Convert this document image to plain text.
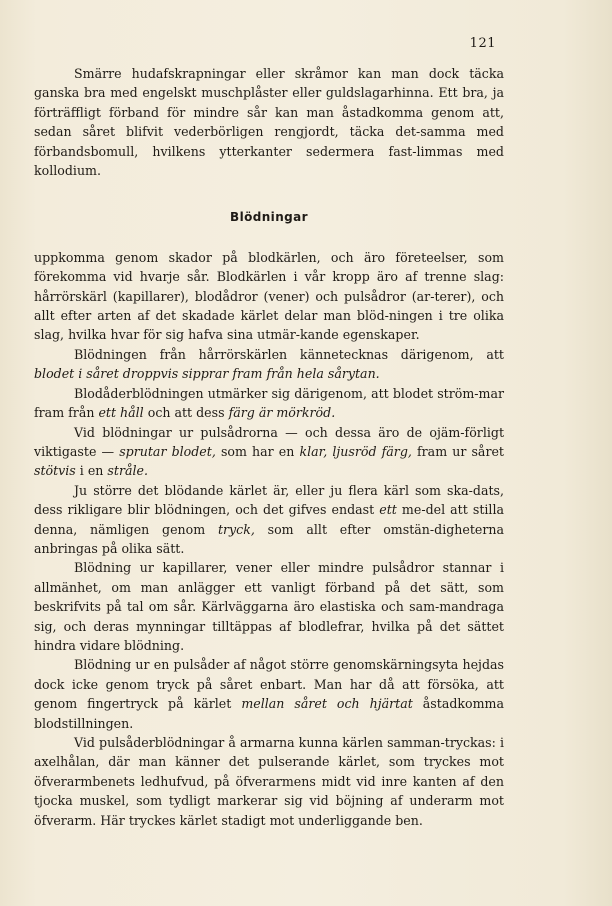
121

Smärre hudafskrapningar eller skråmor kan man dock täcka ganska bra med engelskt muschplåster eller guldslagarhinna. Ett bra, ja förträffligt förband för mindre sår kan man åstadkomma genom att, sedan såret blifvit vederbörligen rengjordt, täcka det-samma med förbandsbomull, hvilkens ytterkanter sedermera fast-limmas med kollodium.

Blödningar

uppkomma genom skador på blodkärlen, och äro företeelser, som förekomma vid hvarje sår. Blodkärlen i vår kropp äro af trenne slag: hårrörskärl (kapillarer), blodådror (vener) och pulsådror (ar-terer), och allt efter arten af det skadade kärlet delar man blöd-ningen i tre olika slag, hvilka hvar för sig hafva sina utmär-kande egenskaper.

Blödningen från hårrörskärlen kännetecknas därigenom, att blodet i såret droppvis sipprar fram från hela sårytan.

Blodåderblödningen utmärker sig därigenom, att blodet ström-mar fram från ett håll och att dess färg är mörkröd.

Vid blödningar ur pulsådrorna — och dessa äro de ojäm-förligt viktigaste — sprutar blodet, som har en klar, ljusröd färg, fram ur såret stötvis i en stråle.

Ju större det blödande kärlet är, eller ju flera kärl som ska-dats, dess rikligare blir blödningen, och det gifves endast ett me-del att stilla denna, nämligen genom tryck, som allt efter omstän-digheterna anbringas på olika sätt.

Blödning ur kapillarer, vener eller mindre pulsådror stannar i allmänhet, om man anlägger ett vanligt förband på det sätt, som beskrifvits på tal om sår. Kärlväggarna äro elastiska och sam-mandraga sig, och deras mynningar tilltäppas af blodlefrar, hvilka på det sättet hindra vidare blödning.

Blödning ur en pulsåder af något större genomskärningsyta hejdas dock icke genom tryck på såret enbart. Man har då att försöka, att genom fingertryck på kärlet mellan såret och hjärtat åstadkomma blodstillningen.

Vid pulsåderblödningar å armarna kunna kärlen samman-tryckas: i axelhålan, där man känner det pulserande kärlet, som tryckes mot öfverarmbenets ledhufvud, på öfverarmens midt vid inre kanten af den tjocka muskel, som tydligt markerar sig vid böjning af underarm mot öfverarm. Här tryckes kärlet stadigt mot underliggande ben.
